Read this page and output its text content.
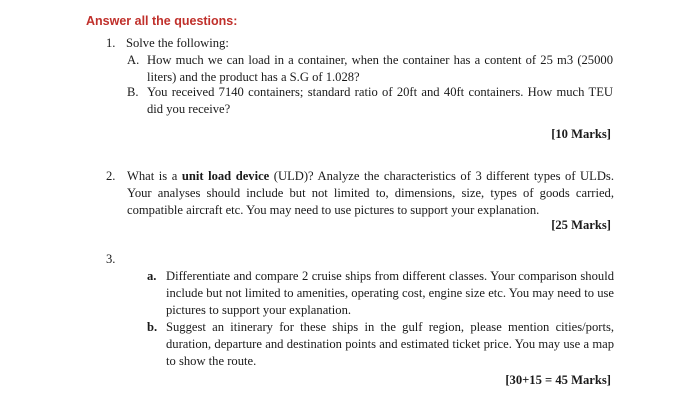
Answer all the questions:
1. Solve the following:
A. How much we can load in a container, when the container has a content of 25 m3 (25000 liters) and the product has a S.G of 1.028?
B. You received 7140 containers; standard ratio of 20ft and 40ft containers. How much TEU did you receive?
[10 Marks]
2. What is a unit load device (ULD)? Analyze the characteristics of 3 different types of ULDs. Your analyses should include but not limited to, dimensions, size, types of goods carried, compatible aircraft etc. You may need to use pictures to support your explanation.
[25 Marks]
3.
a. Differentiate and compare 2 cruise ships from different classes. Your comparison should include but not limited to amenities, operating cost, engine size etc. You may need to use pictures to support your explanation.
b. Suggest an itinerary for these ships in the gulf region, please mention cities/ports, duration, departure and destination points and estimated ticket price. You may use a map to show the route.
[30+15 = 45 Marks]
